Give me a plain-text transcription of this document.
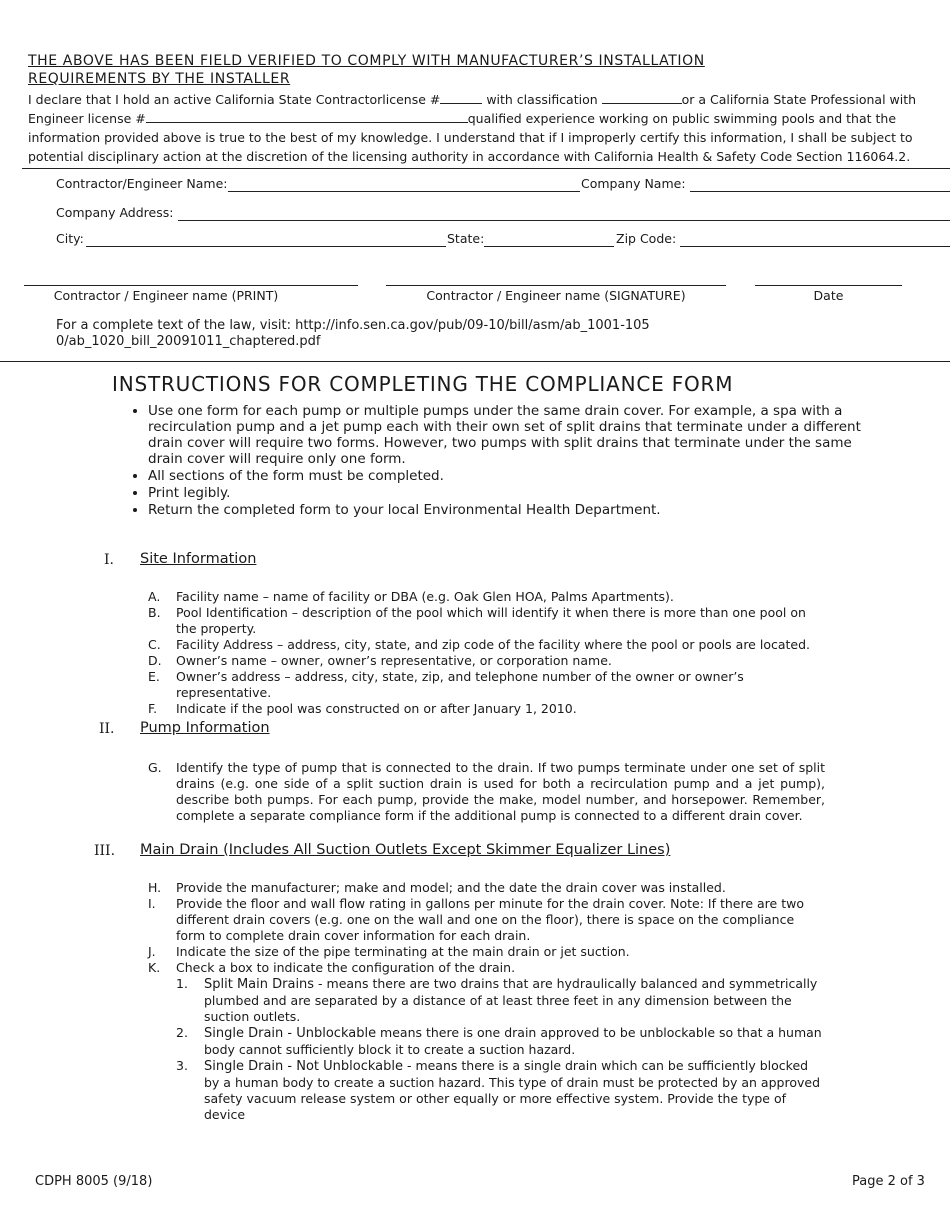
THE ABOVE HAS BEEN FIELD VERIFIED TO COMPLY WITH MANUFACTURER’S INSTALLATION REQUIREMENTS BY THE INSTALLER
I declare that I hold an active California State Contractorlicense #	with classification	or a California State Professional with Engineer license #	qualified experience working on public swimming pools and that the information provided above is true to the best of my knowledge. I understand that if I improperly certify this information, I shall be subject to potential disciplinary action at the discretion of the licensing authority in accordance with California Health & Safety Code Section 116064.2.
Contractor/Engineer Name:	Company Name:
Company Address:
City:	State:	Zip Code:
Contractor / Engineer name (PRINT)	Contractor / Engineer name (SIGNATURE)	Date
For a complete text of the law, visit: http://info.sen.ca.gov/pub/09-10/bill/asm/ab_1001-1050/ab_1020_bill_20091011_chaptered.pdf
INSTRUCTIONS FOR COMPLETING THE COMPLIANCE FORM
• Use one form for each pump or multiple pumps under the same drain cover. For example, a spa with a recirculation pump and a jet pump each with their own set of split drains that terminate under a different drain cover will require two forms. However, two pumps with split drains that terminate under the same drain cover will require only one form.
• All sections of the form must be completed.
• Print legibly.
• Return the completed form to your local Environmental Health Department.
I. Site Information
A. Facility name – name of facility or DBA (e.g. Oak Glen HOA, Palms Apartments).
B. Pool Identification – description of the pool which will identify it when there is more than one pool on the property.
C. Facility Address – address, city, state, and zip code of the facility where the pool or pools are located.
D. Owner’s name – owner, owner’s representative, or corporation name.
E. Owner’s address – address, city, state, zip, and telephone number of the owner or owner’s representative.
F. Indicate if the pool was constructed on or after January 1, 2010.
II. Pump Information
G. Identify the type of pump that is connected to the drain. If two pumps terminate under one set of split drains (e.g. one side of a split suction drain is used for both a recirculation pump and a jet pump), describe both pumps. For each pump, provide the make, model number, and horsepower. Remember, complete a separate compliance form if the additional pump is connected to a different drain cover.
III. Main Drain (Includes All Suction Outlets Except Skimmer Equalizer Lines)
H. Provide the manufacturer; make and model; and the date the drain cover was installed.
I. Provide the floor and wall flow rating in gallons per minute for the drain cover. Note: If there are two different drain covers (e.g. one on the wall and one on the floor), there is space on the compliance form to complete drain cover information for each drain.
J. Indicate the size of the pipe terminating at the main drain or jet suction.
K. Check a box to indicate the configuration of the drain.
1. Split Main Drains - means there are two drains that are hydraulically balanced and symmetrically plumbed and are separated by a distance of at least three feet in any dimension between the suction outlets.
2. Single Drain - Unblockable means there is one drain approved to be unblockable so that a human body cannot sufficiently block it to create a suction hazard.
3. Single Drain - Not Unblockable - means there is a single drain which can be sufficiently blocked by a human body to create a suction hazard. This type of drain must be protected by an approved safety vacuum release system or other equally or more effective system. Provide the type of device
CDPH 8005 (9/18)	Page 2 of 3
